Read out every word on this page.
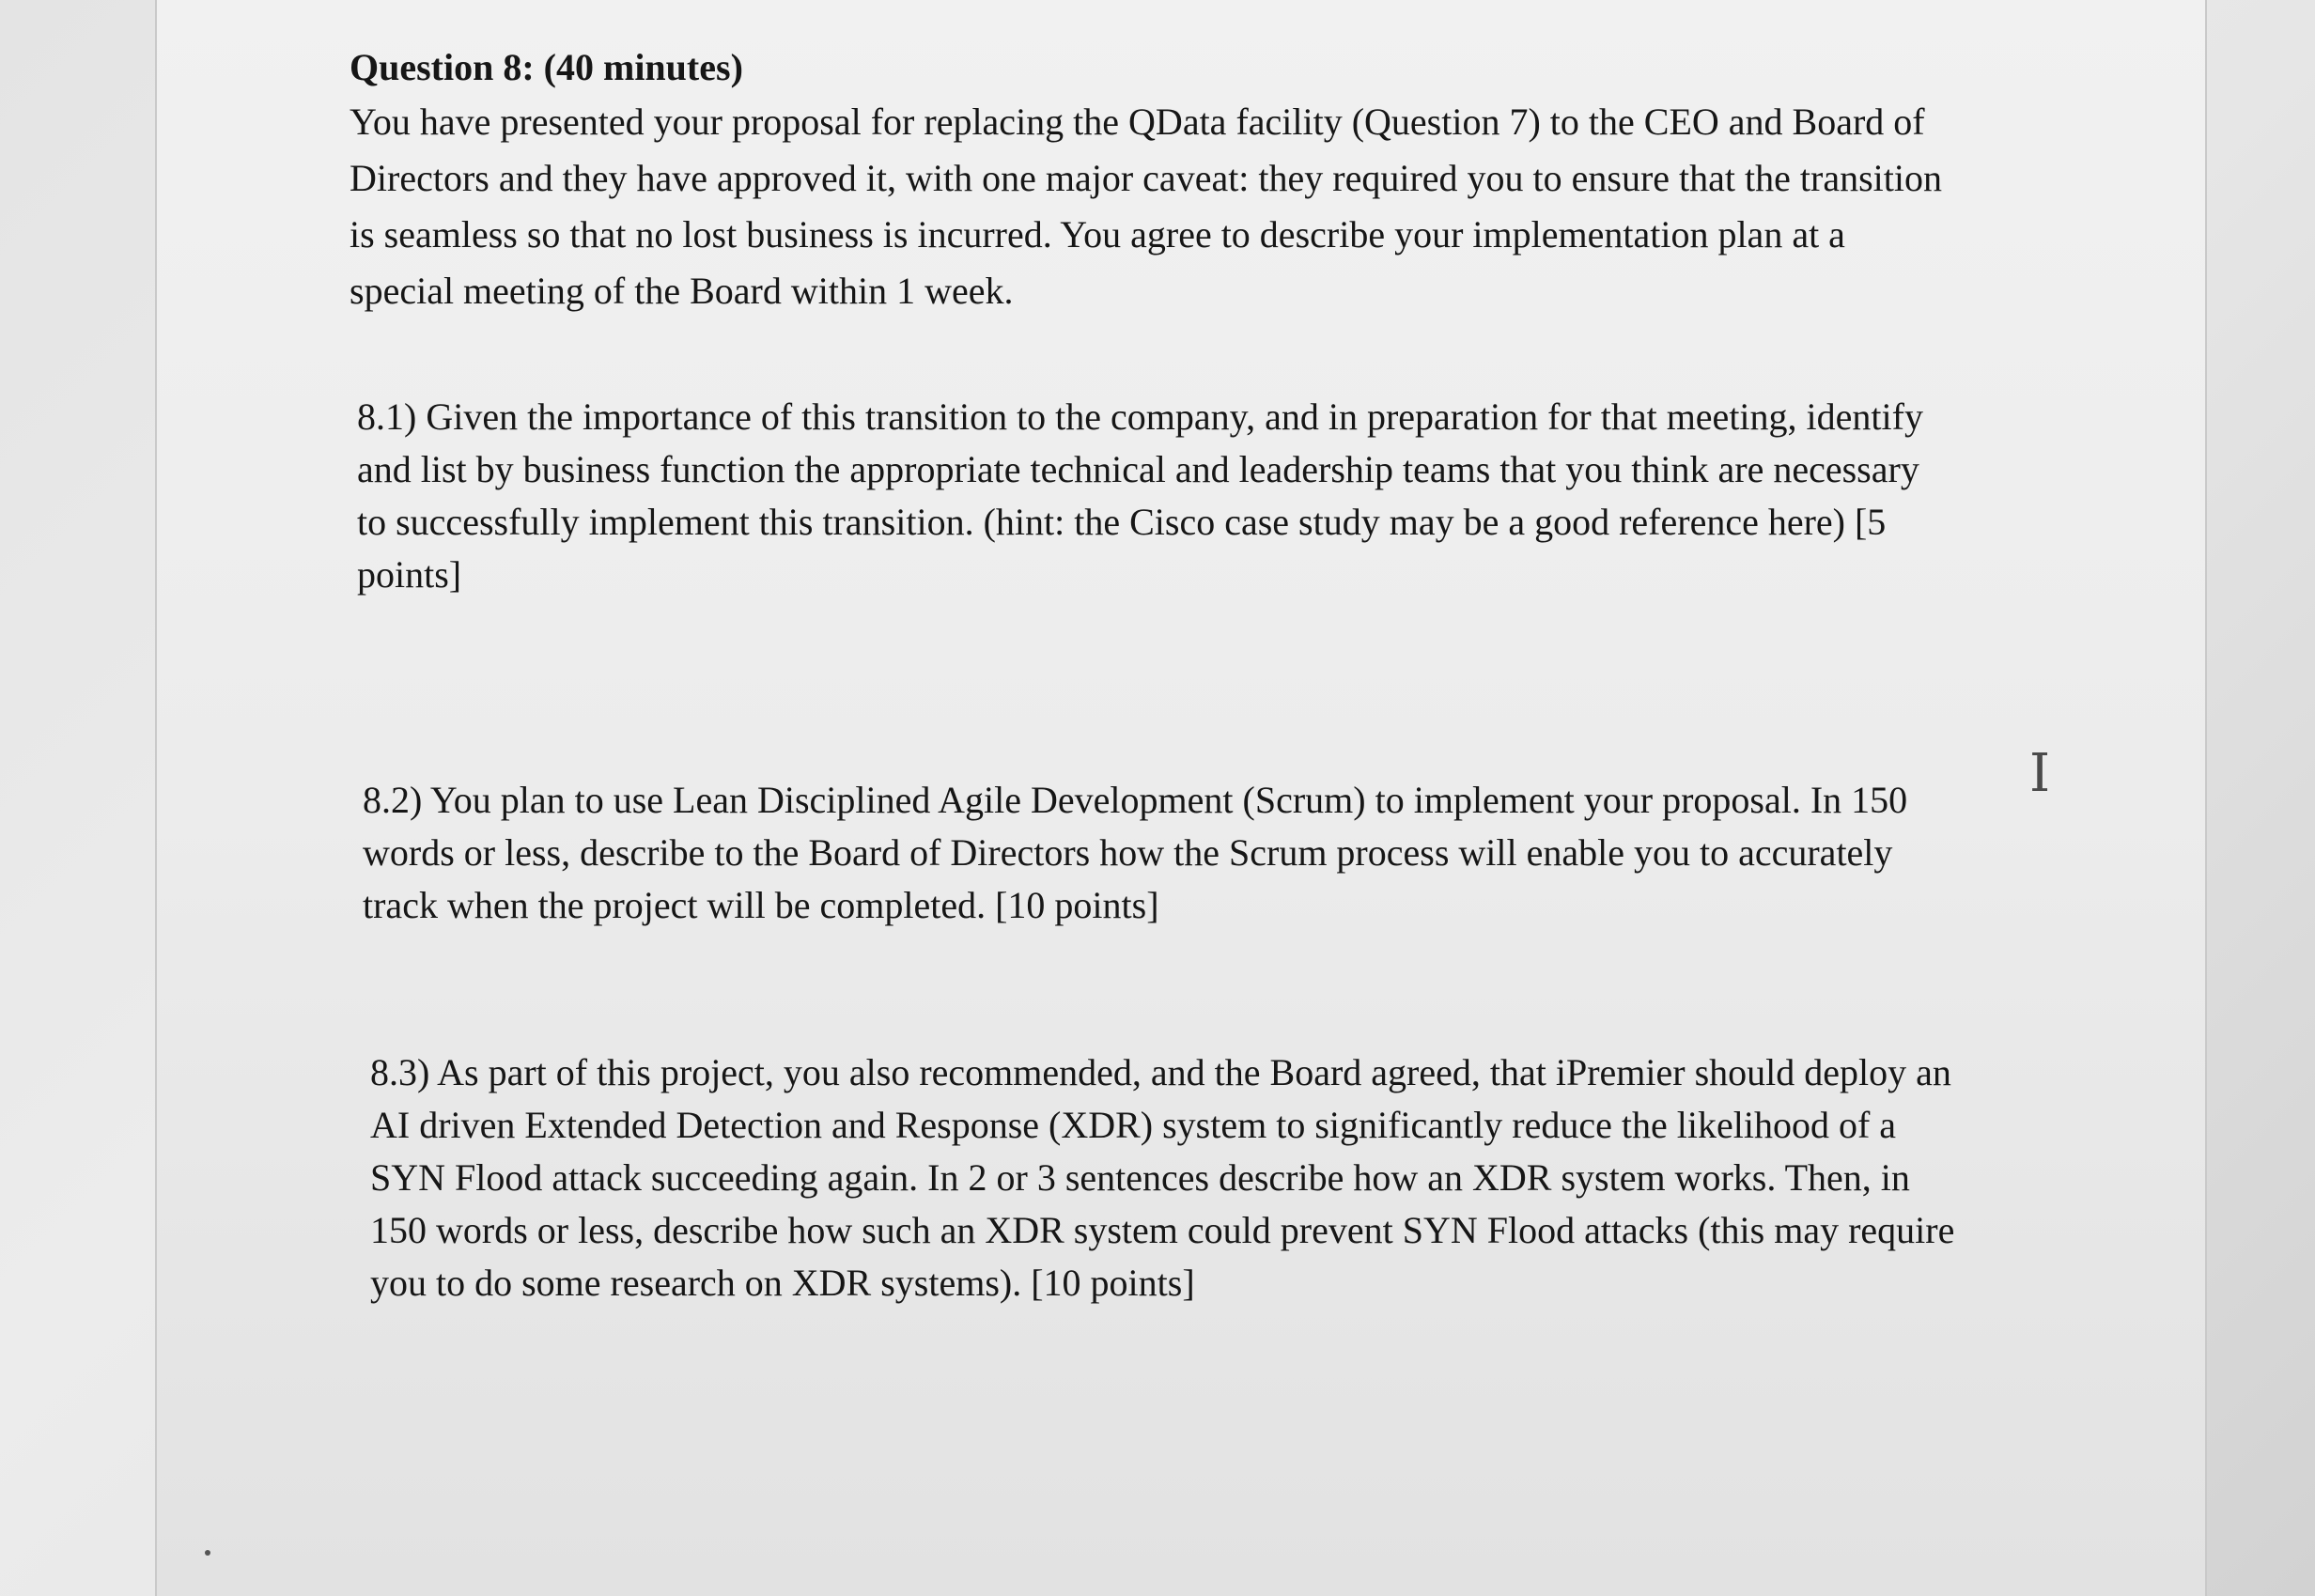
Question 8: (40 minutes)

You have presented your proposal for replacing the QData facility (Question 7) to the CEO and Board of Directors and they have approved it, with one major caveat: they required you to ensure that the transition is seamless so that no lost business is incurred. You agree to describe your implementation plan at a special meeting of the Board within 1 week.

8.1) Given the importance of this transition to the company, and in preparation for that meeting, identify and list by business function the appropriate technical and leadership teams that you think are necessary to successfully implement this transition. (hint: the Cisco case study may be a good reference here) [5 points]

8.2) You plan to use Lean Disciplined Agile Development (Scrum) to implement your proposal. In 150 words or less, describe to the Board of Directors how the Scrum process will enable you to accurately track when the project will be completed. [10 points]

8.3) As part of this project, you also recommended, and the Board agreed, that iPremier should deploy an AI driven Extended Detection and Response (XDR) system to significantly reduce the likelihood of a SYN Flood attack succeeding again. In 2 or 3 sentences describe how an XDR system works. Then, in 150 words or less, describe how such an XDR system could prevent SYN Flood attacks (this may require you to do some research on XDR systems). [10 points]

I
